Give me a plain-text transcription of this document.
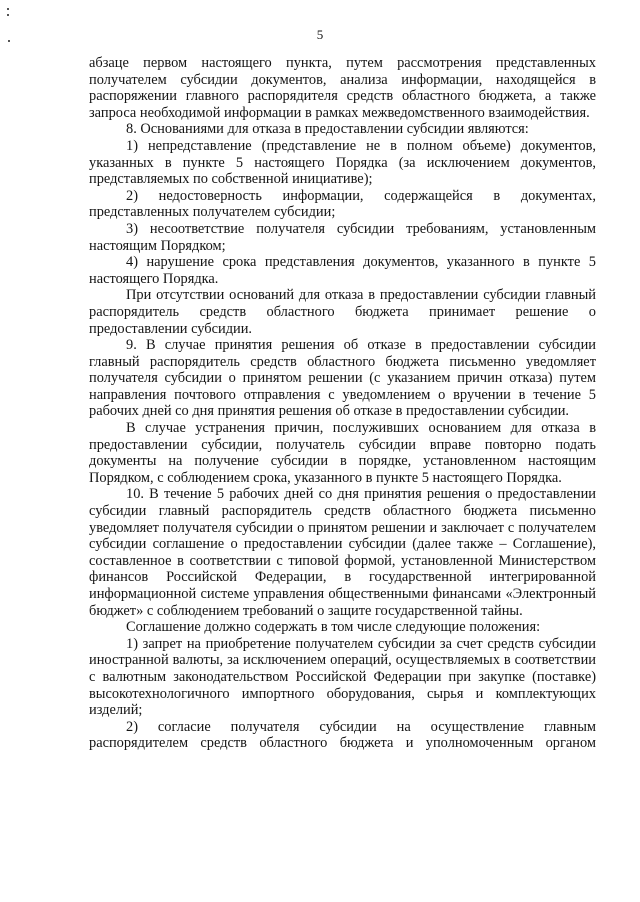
5

абзаце первом настоящего пункта, путем рассмотрения представленных получателем субсидии документов, анализа информации, находящейся в распоряжении главного распорядителя средств областного бюджета, а также запроса необходимой информации в рамках межведомственного взаимодействия.

8. Основаниями для отказа в предоставлении субсидии являются:

1) непредставление (представление не в полном объеме) документов, указанных в пункте 5 настоящего Порядка (за исключением документов, представляемых по собственной инициативе);

2) недостоверность информации, содержащейся в документах, представленных получателем субсидии;

3) несоответствие получателя субсидии требованиям, установленным настоящим Порядком;

4) нарушение срока представления документов, указанного в пункте 5 настоящего Порядка.

При отсутствии оснований для отказа в предоставлении субсидии главный распорядитель средств областного бюджета принимает решение о предоставлении субсидии.

9. В случае принятия решения об отказе в предоставлении субсидии главный распорядитель средств областного бюджета письменно уведомляет получателя субсидии о принятом решении (с указанием причин отказа) путем направления почтового отправления с уведомлением о вручении в течение 5 рабочих дней со дня принятия решения об отказе в предоставлении субсидии.

В случае устранения причин, послуживших основанием для отказа в предоставлении субсидии, получатель субсидии вправе повторно подать документы на получение субсидии в порядке, установленном настоящим Порядком, с соблюдением срока, указанного в пункте 5 настоящего Порядка.

10. В течение 5 рабочих дней со дня принятия решения о предоставлении субсидии главный распорядитель средств областного бюджета письменно уведомляет получателя субсидии о принятом решении и заключает с получателем субсидии соглашение о предоставлении субсидии (далее также – Соглашение), составленное в соответствии с типовой формой, установленной Министерством финансов Российской Федерации, в государственной интегрированной информационной системе управления общественными финансами «Электронный бюджет» с соблюдением требований о защите государственной тайны.

Соглашение должно содержать в том числе следующие положения:

1) запрет на приобретение получателем субсидии за счет средств субсидии иностранной валюты, за исключением операций, осуществляемых в соответствии с валютным законодательством Российской Федерации при закупке (поставке) высокотехнологичного импортного оборудования, сырья и комплектующих изделий;

2) согласие получателя субсидии на осуществление главным распорядителем средств областного бюджета и уполномоченным органом
